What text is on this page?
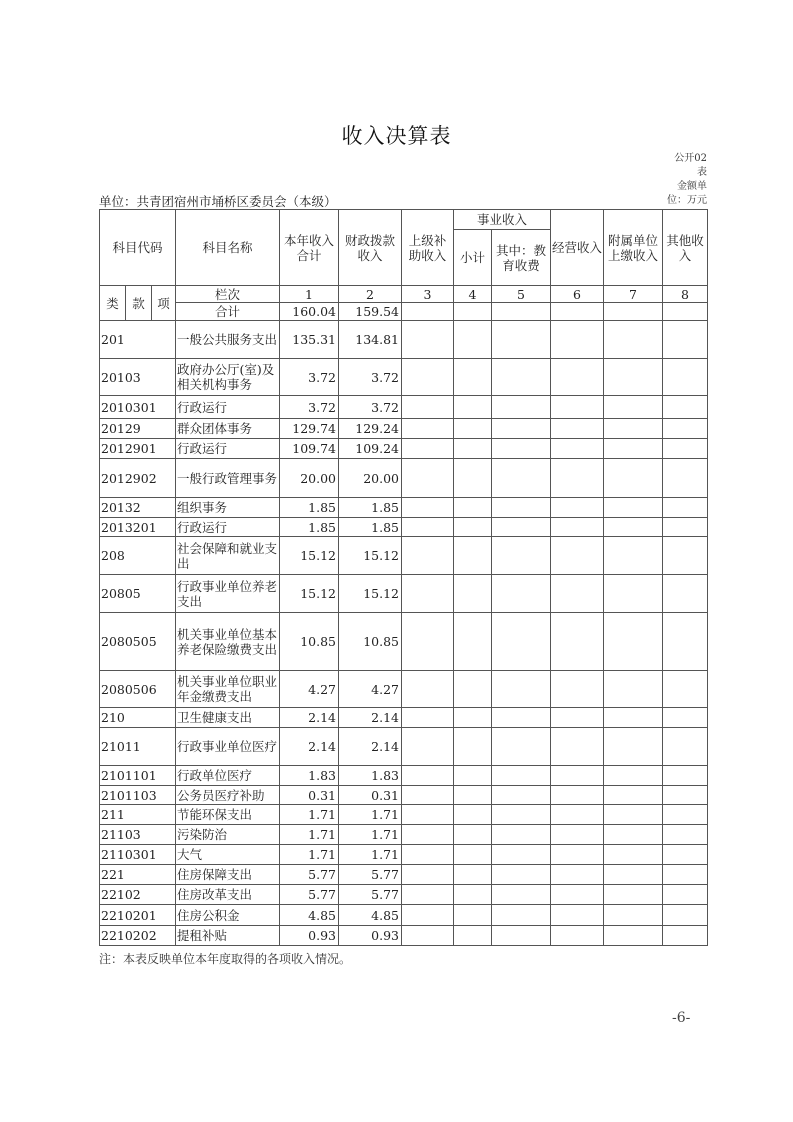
收入决算表
公开02
表
金额单
位：万元
单位：共青团宿州市埇桥区委员会（本级）
科目代码			科目名称	本年收入合计	财政拨款收入	上级补助收入	事业收入		经营收入	附属单位上缴收入	其他收入
							小计	其中：教育收费			
类	款	项	栏次	1	2	3	4	5	6	7	8
			合计	160.04	159.54						
201			一般公共服务支出	135.31	134.81						
20103			政府办公厅(室)及相关机构事务	3.72	3.72						
2010301			行政运行	3.72	3.72						
20129			群众团体事务	129.74	129.24						
2012901			行政运行	109.74	109.24						
2012902			一般行政管理事务	20.00	20.00						
20132			组织事务	1.85	1.85						
2013201			行政运行	1.85	1.85						
208			社会保障和就业支出	15.12	15.12						
20805			行政事业单位养老支出	15.12	15.12						
2080505			机关事业单位基本养老保险缴费支出	10.85	10.85						
2080506			机关事业单位职业年金缴费支出	4.27	4.27						
210			卫生健康支出	2.14	2.14						
21011			行政事业单位医疗	2.14	2.14						
2101101			行政单位医疗	1.83	1.83						
2101103			公务员医疗补助	0.31	0.31						
211			节能环保支出	1.71	1.71						
21103			污染防治	1.71	1.71						
2110301			大气	1.71	1.71						
221			住房保障支出	5.77	5.77						
22102			住房改革支出	5.77	5.77						
2210201			住房公积金	4.85	4.85						
2210202			提租补贴	0.93	0.93						
注：本表反映单位本年度取得的各项收入情况。
-6-
